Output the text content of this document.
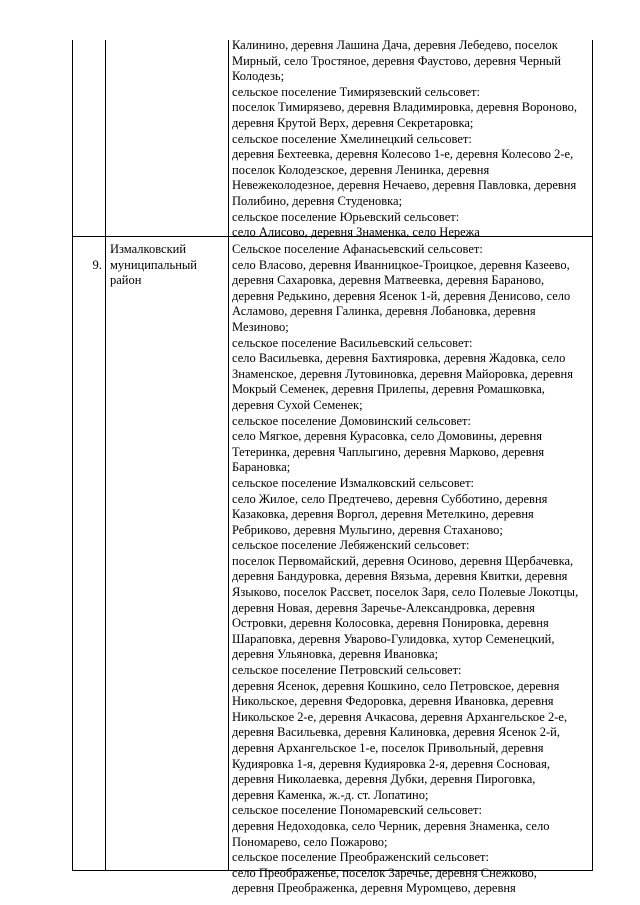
Калинино, деревня Лашина Дача, деревня Лебедево, поселок
Мирный, село Тростяное, деревня Фаустово, деревня Черный
Колодезь;
сельское поселение Тимирязевский сельсовет:
поселок Тимирязево, деревня Владимировка, деревня Вороново,
деревня Крутой Верх, деревня Секретаровка;
сельское поселение Хмелинецкий сельсовет:
деревня Бехтеевка, деревня Колесово 1-е, деревня Колесово 2-е,
поселок Колодезское, деревня Ленинка, деревня
Невежеколодезное, деревня Нечаево, деревня Павловка, деревня
Полибино, деревня Студеновка;
сельское поселение Юрьевский сельсовет:
село Алисово, деревня Знаменка, село Нережа

9.

Измалковский
муниципальный
район
Сельское поселение Афанасьевский сельсовет:
село Власово, деревня Иванницкое-Троицкое, деревня Казеево,
деревня Сахаровка, деревня Матвеевка, деревня Бараново,
деревня Редькино, деревня Ясенок 1-й, деревня Денисово, село
Асламово, деревня Галинка, деревня Лобановка, деревня
Мезиново;
сельское поселение Васильевский сельсовет:
село Васильевка, деревня Бахтияровка, деревня Жадовка, село
Знаменское, деревня Лутовиновка, деревня Майоровка, деревня
Мокрый Семенек, деревня Прилепы, деревня Ромашковка,
деревня Сухой Семенек;
сельское поселение Домовинский сельсовет:
село Мягкое, деревня Курасовка, село Домовины, деревня
Тетеринка, деревня Чаплыгино, деревня Марково, деревня
Барановка;
сельское поселение Измалковский сельсовет:
село Жилое, село Предтечево, деревня Субботино, деревня
Казаковка, деревня Воргол, деревня Метелкино, деревня
Ребриково, деревня Мульгино, деревня Стаханово;
сельское поселение Лебяженский сельсовет:
поселок Первомайский, деревня Осиново, деревня Щербачевка,
деревня Бандуровка, деревня Вязьма, деревня Квитки, деревня
Языково, поселок Рассвет, поселок Заря, село Полевые Локотцы,
деревня Новая, деревня Заречье-Александровка, деревня
Островки, деревня Колосовка, деревня Понировка, деревня
Шараповка, деревня Уварово-Гулидовка, хутор Семенецкий,
деревня Ульяновка, деревня Ивановка;
сельское поселение Петровский сельсовет:
деревня Ясенок, деревня Кошкино, село Петровское, деревня
Никольское, деревня Федоровка, деревня Ивановка, деревня
Никольское 2-е, деревня Ачкасова, деревня Архангельское 2-е,
деревня Васильевка, деревня Калиновка, деревня Ясенок 2-й,
деревня Архангельское 1-е, поселок Привольный, деревня
Кудияровка 1-я, деревня Кудияровка 2-я, деревня Сосновая,
деревня Николаевка, деревня Дубки, деревня Пироговка,
деревня Каменка, ж.-д. ст. Лопатино;
сельское поселение Пономаревский сельсовет:
деревня Недоходовка, село Черник, деревня Знаменка, село
Пономарево, село Пожарово;
сельское поселение Преображенский сельсовет:
село Преображенье, поселок Заречье, деревня Снежково,
деревня Преображенка, деревня Муромцево, деревня
